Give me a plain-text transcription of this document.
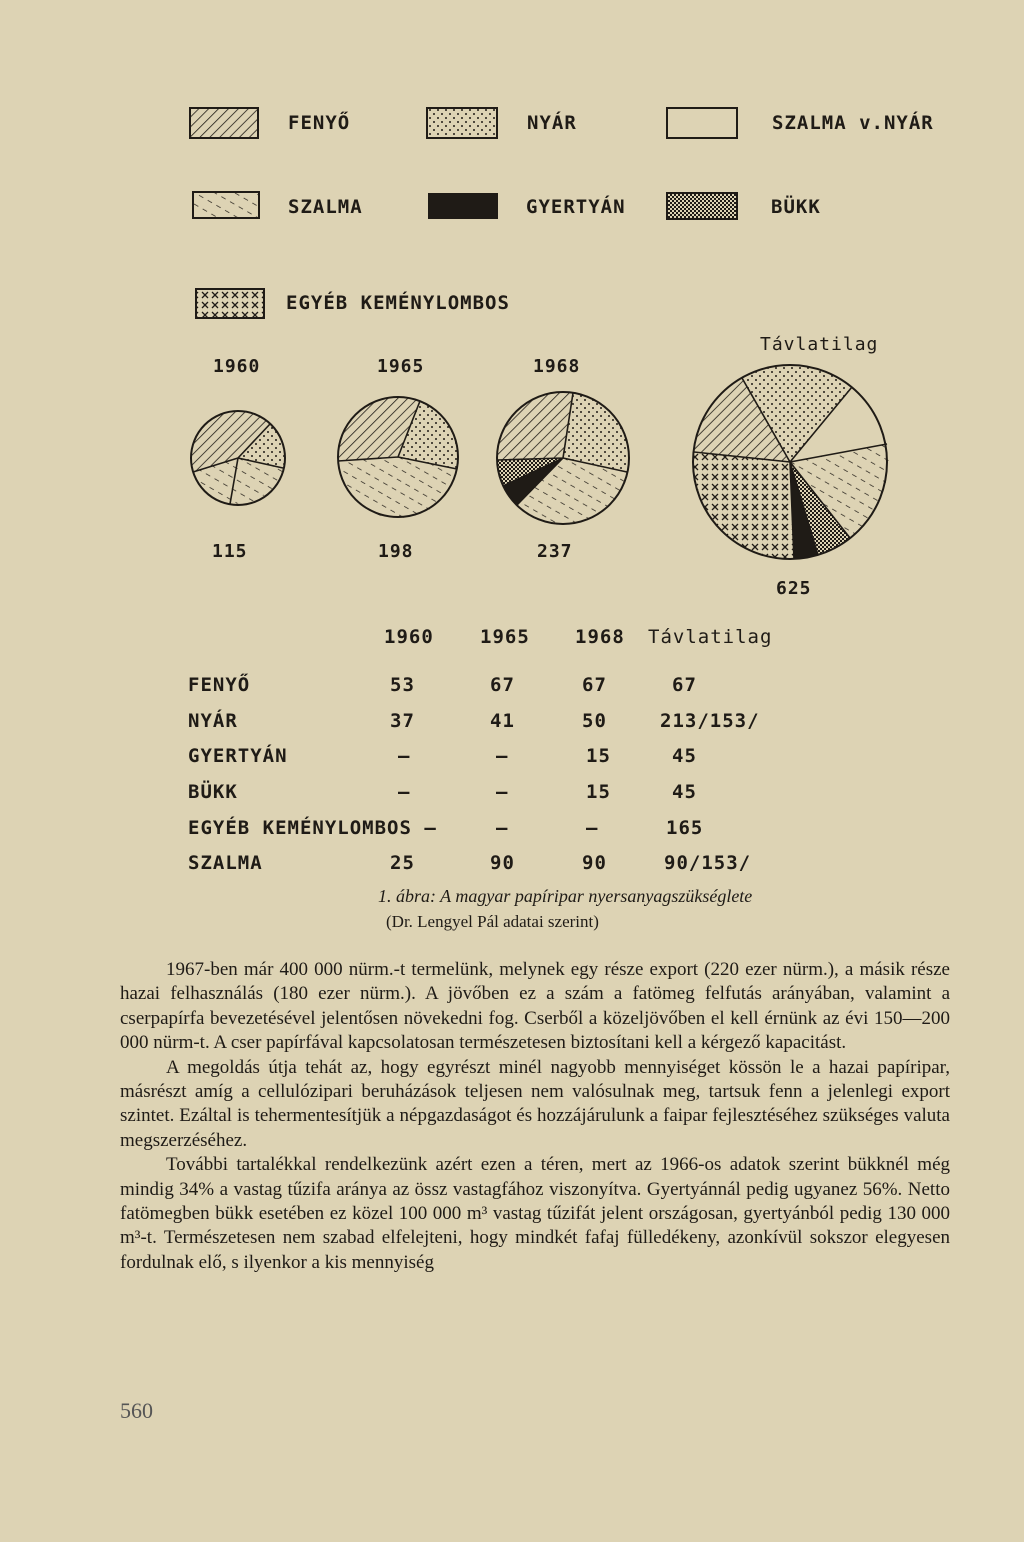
FENYŐ	NYÁR	SZALMA v.NYÁR
SZALMA	GYERTYÁN	BÜKK
EGYÉB KEMÉNYLOMBOS
Távlatilag
1960	1965	1968
115	198	237
625
1960 1965 1968 Távlatilag
FENYŐ	53	67	67	67
NYÁR	37	41	50	213/153/
GYERTYÁN	–	–	15	45
BÜKK	–	–	15	45
EGYÉB KEMÉNYLOMBOS –	–	–	165
SZALMA	25	90	90	90/153/
1. ábra: A magyar papíripar nyersanyagszükséglete
(Dr. Lengyel Pál adatai szerint)

1967-ben már 400 000 nürm.-t termelünk, melynek egy része export (220 ezer nürm.), a másik része hazai felhasználás (180 ezer nürm.). A jövőben ez a szám a fatömeg felfutás arányában, valamint a cserpapírfa bevezetésével jelentősen növekedni fog. Cserből a közeljövőben el kell érnünk az évi 150—200 000 nürm-t. A cser papírfával kapcsolatosan természetesen biztosítani kell a kérgező kapacitást.

A megoldás útja tehát az, hogy egyrészt minél nagyobb mennyiséget kössön le a hazai papíripar, másrészt amíg a cellulózipari beruházások teljesen nem valósulnak meg, tartsuk fenn a jelenlegi export szintet. Ezáltal is tehermentesítjük a népgazdaságot és hozzájárulunk a faipar fejlesztéséhez szükséges valuta megszerzéséhez.

További tartalékkal rendelkezünk azért ezen a téren, mert az 1966-os adatok szerint bükknél még mindig 34% a vastag tűzifa aránya az össz vastagfához viszonyítva. Gyertyánnál pedig ugyanez 56%. Netto fatömegben bükk esetében ez közel 100 000 m³ vastag tűzifát jelent országosan, gyertyánból pedig 130 000 m³-t. Természetesen nem szabad elfelejteni, hogy mindkét fafaj fülledékeny, azonkívül sokszor elegyesen fordulnak elő, s ilyenkor a kis mennyiség

560
